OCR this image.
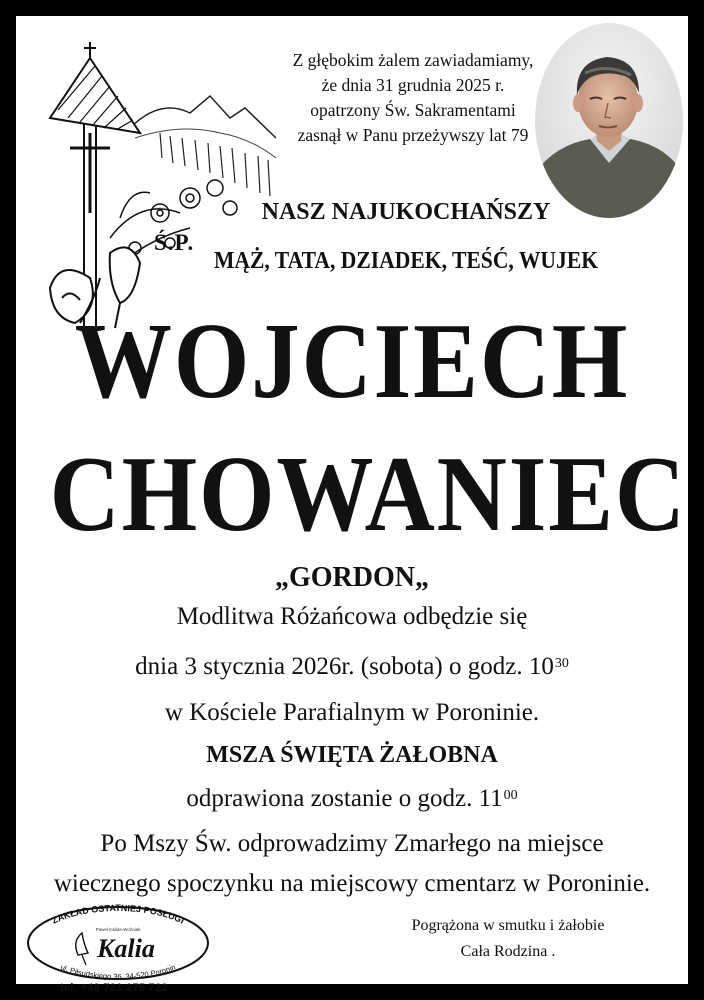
Z głębokim żalem zawiadamiamy,
że dnia 31 grudnia 2025 r.
opatrzony Św. Sakramentami
zasnął w Panu przeżywszy lat 79
Ś.P.
NASZ NAJUKOCHAŃSZY
MĄŻ, TATA, DZIADEK, TEŚĆ, WUJEK
WOJCIECH
CHOWANIEC
„GORDON„
Modlitwa Różańcowa odbędzie się
dnia 3 stycznia 2026r. (sobota) o godz. $10^{30}$
w Kościele Parafialnym w Poroninie.
MSZA ŚWIĘTA ŻAŁOBNA
odprawiona zostanie o godz. $11^{00}$
Po Mszy Św. odprowadzimy Zmarłego na miejsce
wiecznego spoczynku na miejscowy cmentarz w Poroninie.
ZAKŁAD OSTATNIEJ POSŁUGI
Paweł Kalida-Woźniak
Kalia
ul. Piłsudskiego 36, 34-520 Poronin
tel. +48 721 275 722
Pogrążona w smutku i żałobie
Cała Rodzina .
